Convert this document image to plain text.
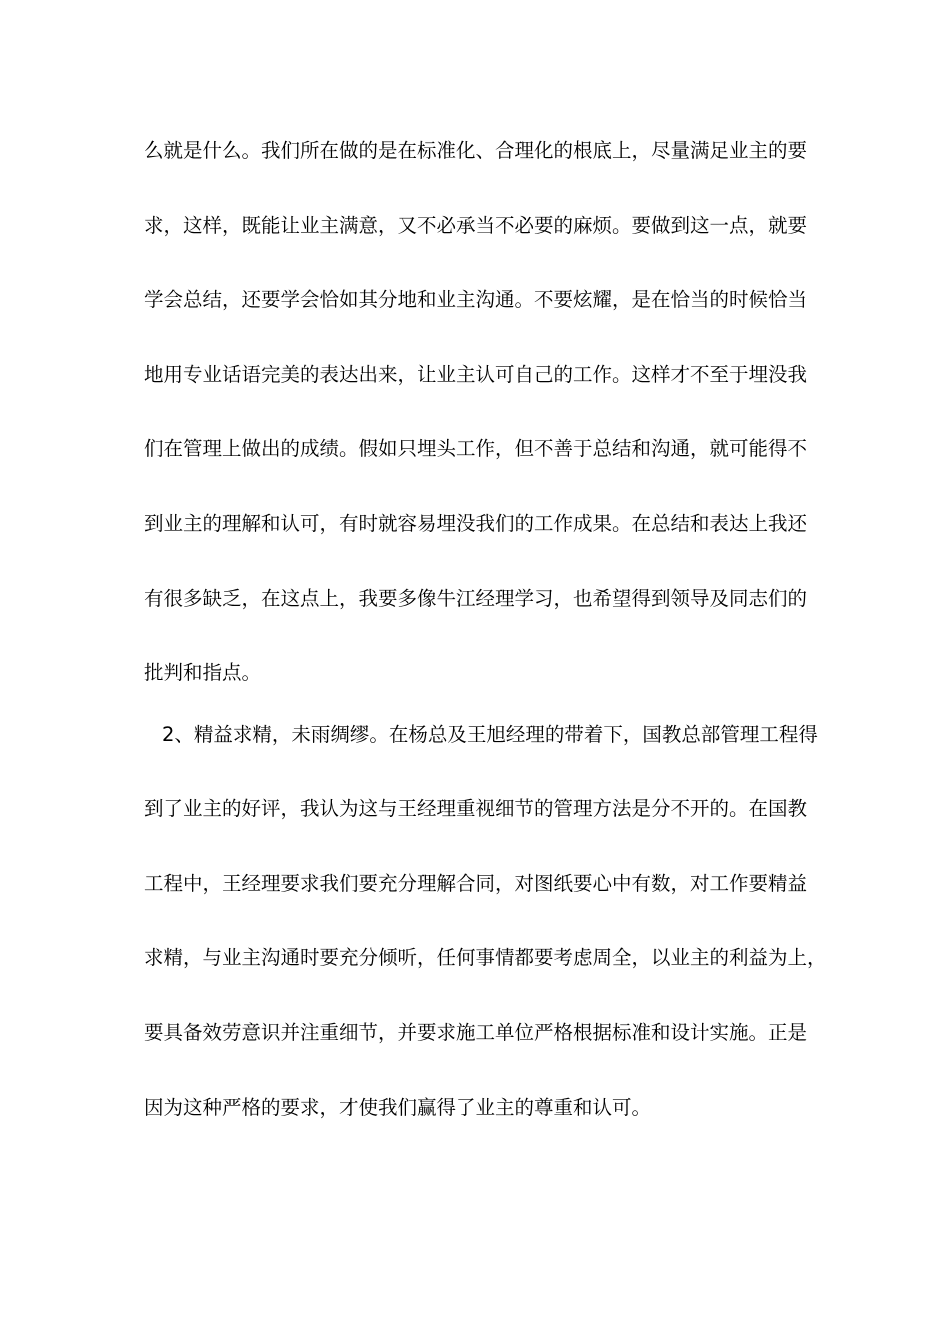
么就是什么。我们所在做的是在标准化、合理化的根底上，尽量满足业主的要
求，这样，既能让业主满意，又不必承当不必要的麻烦。要做到这一点，就要
学会总结，还要学会恰如其分地和业主沟通。不要炫耀，是在恰当的时候恰当
地用专业话语完美的表达出来，让业主认可自己的工作。这样才不至于埋没我
们在管理上做出的成绩。假如只埋头工作，但不善于总结和沟通，就可能得不
到业主的理解和认可，有时就容易埋没我们的工作成果。在总结和表达上我还
有很多缺乏，在这点上，我要多像牛江经理学习，也希望得到领导及同志们的
批判和指点。
2、精益求精，未雨绸缪。在杨总及王旭经理的带着下，国教总部管理工程得
到了业主的好评，我认为这与王经理重视细节的管理方法是分不开的。在国教
工程中，王经理要求我们要充分理解合同，对图纸要心中有数，对工作要精益
求精，与业主沟通时要充分倾听，任何事情都要考虑周全，以业主的利益为上，
要具备效劳意识并注重细节，并要求施工单位严格根据标准和设计实施。正是
因为这种严格的要求，才使我们赢得了业主的尊重和认可。
